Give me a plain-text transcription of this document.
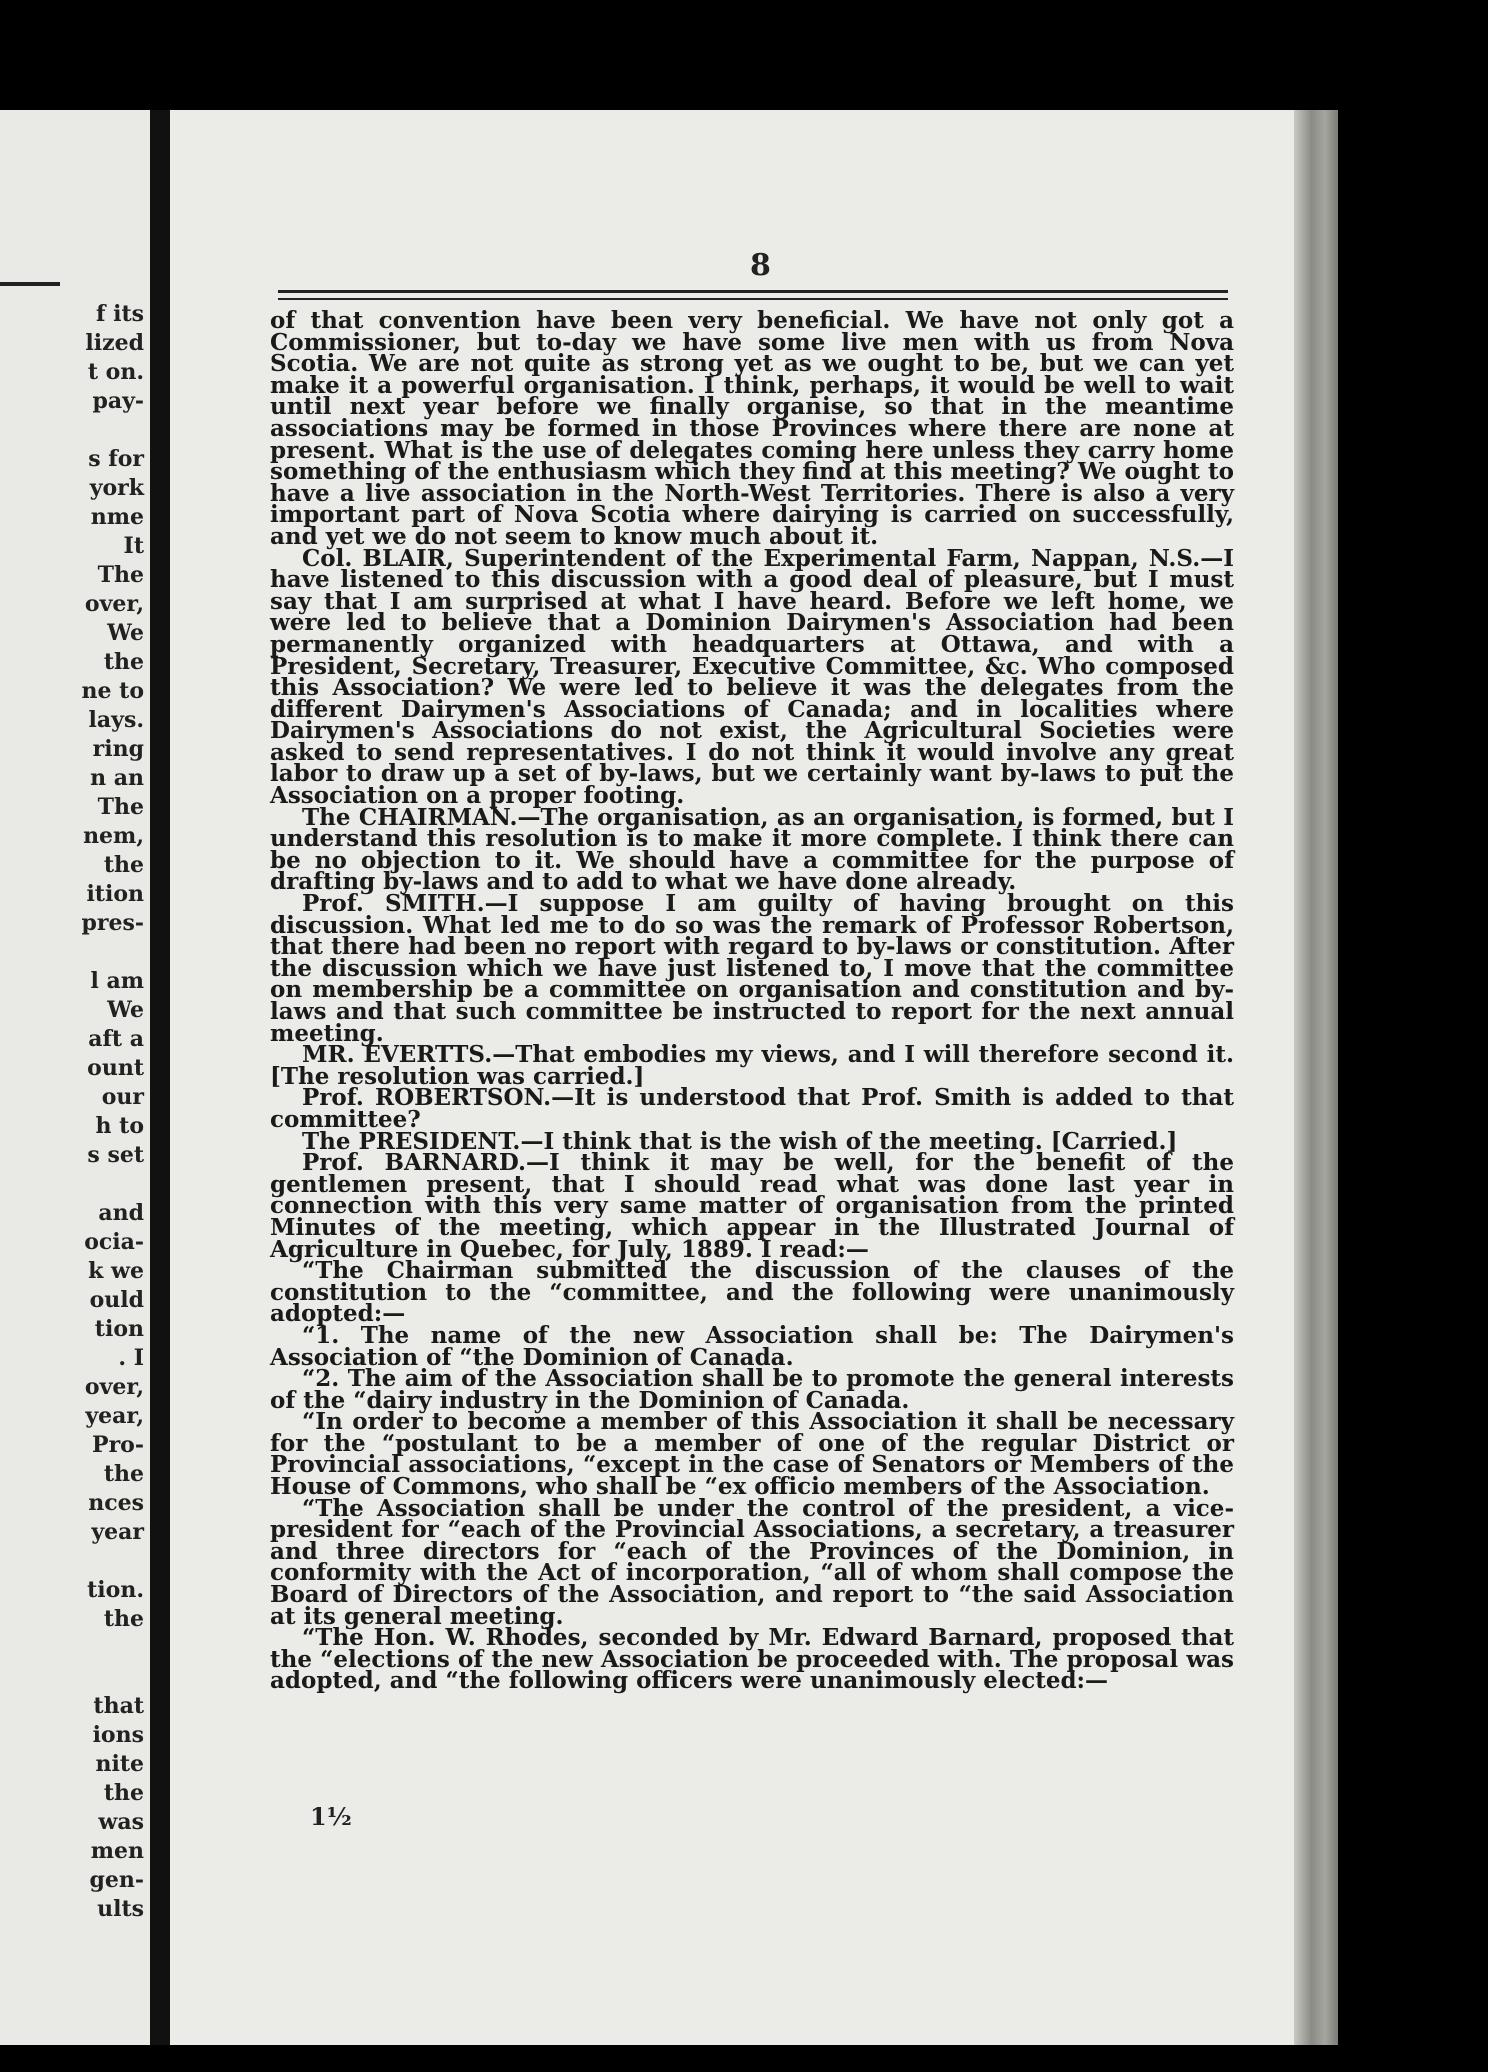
f its
lized
t on.
pay-
s for
york
nme
It
The
over,
We
the
ne to
lays.
ring
n an
The
nem,
the
ition
pres-
l am
We
aft a
ount
our
h to
s set
and
ocia-
k we
ould
tion
. I
over,
year,
Pro-
the
nces
year
tion.
the
that
ions
nite
the
was
men
gen-
ults
8

of that convention have been very beneficial. We have not only got a Commissioner, but to-day we have some live men with us from Nova Scotia. We are not quite as strong yet as we ought to be, but we can yet make it a powerful organisation. I think, perhaps, it would be well to wait until next year before we finally organise, so that in the meantime associations may be formed in those Provinces where there are none at present. What is the use of delegates coming here unless they carry home something of the enthusiasm which they find at this meeting? We ought to have a live association in the North-West Territories. There is also a very important part of Nova Scotia where dairying is carried on successfully, and yet we do not seem to know much about it.

Col. BLAIR, Superintendent of the Experimental Farm, Nappan, N.S.—I have listened to this discussion with a good deal of pleasure, but I must say that I am surprised at what I have heard. Before we left home, we were led to believe that a Dominion Dairymen's Association had been permanently organized with headquarters at Ottawa, and with a President, Secretary, Treasurer, Executive Committee, &c. Who composed this Association? We were led to believe it was the delegates from the different Dairymen's Associations of Canada; and in localities where Dairymen's Associations do not exist, the Agricultural Societies were asked to send representatives. I do not think it would involve any great labor to draw up a set of by-laws, but we certainly want by-laws to put the Association on a proper footing.

The CHAIRMAN.—The organisation, as an organisation, is formed, but I understand this resolution is to make it more complete. I think there can be no objection to it. We should have a committee for the purpose of drafting by-laws and to add to what we have done already.

Prof. SMITH.—I suppose I am guilty of having brought on this discussion. What led me to do so was the remark of Professor Robertson, that there had been no report with regard to by-laws or constitution. After the discussion which we have just listened to, I move that the committee on membership be a committee on organisation and constitution and by-laws and that such committee be instructed to report for the next annual meeting.

MR. EVERTTS.—That embodies my views, and I will therefore second it. [The resolution was carried.]

Prof. ROBERTSON.—It is understood that Prof. Smith is added to that committee?

The PRESIDENT.—I think that is the wish of the meeting. [Carried.]

Prof. BARNARD.—I think it may be well, for the benefit of the gentlemen present, that I should read what was done last year in connection with this very same matter of organisation from the printed Minutes of the meeting, which appear in the Illustrated Journal of Agriculture in Quebec, for July, 1889. I read:—

“The Chairman submitted the discussion of the clauses of the constitution to the “committee, and the following were unanimously adopted:—

“1. The name of the new Association shall be: The Dairymen's Association of “the Dominion of Canada.

“2. The aim of the Association shall be to promote the general interests of the “dairy industry in the Dominion of Canada.

“In order to become a member of this Association it shall be necessary for the “postulant to be a member of one of the regular District or Provincial associations, “except in the case of Senators or Members of the House of Commons, who shall be “ex officio members of the Association.

“The Association shall be under the control of the president, a vice-president for “each of the Provincial Associations, a secretary, a treasurer and three directors for “each of the Provinces of the Dominion, in conformity with the Act of incorporation, “all of whom shall compose the Board of Directors of the Association, and report to “the said Association at its general meeting.

“The Hon. W. Rhodes, seconded by Mr. Edward Barnard, proposed that the “elections of the new Association be proceeded with. The proposal was adopted, and “the following officers were unanimously elected:—

1½
